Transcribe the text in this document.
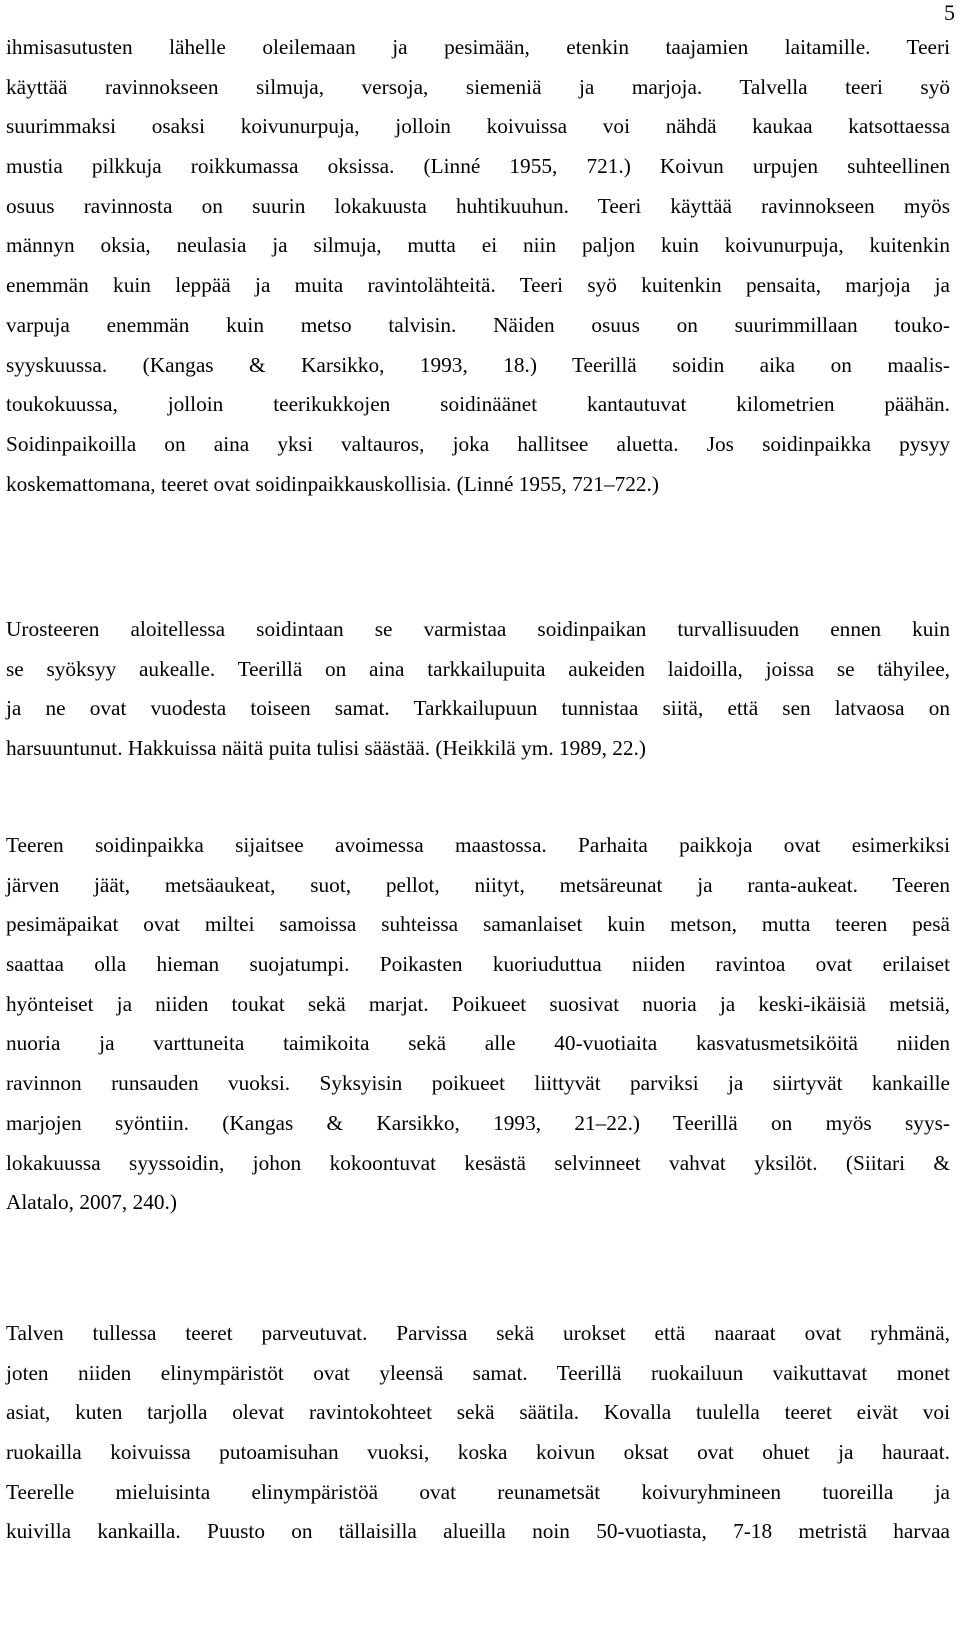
5
ihmisasutusten lähelle oleilemaan ja pesimään, etenkin taajamien laitamille. Teeri
käyttää ravinnokseen silmuja, versoja, siemeniä ja marjoja. Talvella teeri syö
suurimmaksi osaksi koivunurpuja, jolloin koivuissa voi nähdä kaukaa katsottaessa
mustia pilkkuja roikkumassa oksissa. (Linné 1955, 721.) Koivun urpujen suhteellinen
osuus ravinnosta on suurin lokakuusta huhtikuuhun. Teeri käyttää ravinnokseen myös
männyn oksia, neulasia ja silmuja, mutta ei niin paljon kuin koivunurpuja, kuitenkin
enemmän kuin leppää ja muita ravintolähteitä. Teeri syö kuitenkin pensaita, marjoja ja
varpuja enemmän kuin metso talvisin. Näiden osuus on suurimmillaan touko-
syyskuussa. (Kangas & Karsikko, 1993, 18.) Teerillä soidin aika on maalis-
toukokuussa, jolloin teerikukkojen soidinäänet kantautuvat kilometrien päähän.
Soidinpaikoilla on aina yksi valtauros, joka hallitsee aluetta. Jos soidinpaikka pysyy
koskemattomana, teeret ovat soidinpaikkauskollisia. (Linné 1955, 721–722.)
Urosteeren aloitellessa soidintaan se varmistaa soidinpaikan turvallisuuden ennen kuin
se syöksyy aukealle. Teerillä on aina tarkkailupuita aukeiden laidoilla, joissa se tähyilee,
ja ne ovat vuodesta toiseen samat. Tarkkailupuun tunnistaa siitä, että sen latvaosa on
harsuuntunut. Hakkuissa näitä puita tulisi säästää. (Heikkilä ym. 1989, 22.)
Teeren soidinpaikka sijaitsee avoimessa maastossa. Parhaita paikkoja ovat esimerkiksi
järven jäät, metsäaukeat, suot, pellot, niityt, metsäreunat ja ranta-aukeat. Teeren
pesimäpaikat ovat miltei samoissa suhteissa samanlaiset kuin metson, mutta teeren pesä
saattaa olla hieman suojatumpi. Poikasten kuoriuduttua niiden ravintoa ovat erilaiset
hyönteiset ja niiden toukat sekä marjat. Poikueet suosivat nuoria ja keski-ikäisiä metsiä,
nuoria ja varttuneita taimikoita sekä alle 40-vuotiaita kasvatusmetsiköitä niiden
ravinnon runsauden vuoksi. Syksyisin poikueet liittyvät parviksi ja siirtyvät kankaille
marjojen syöntiin. (Kangas & Karsikko, 1993, 21–22.) Teerillä on myös syys-
lokakuussa syyssoidin, johon kokoontuvat kesästä selvinneet vahvat yksilöt. (Siitari &
Alatalo, 2007, 240.)
Talven tullessa teeret parveutuvat. Parvissa sekä urokset että naaraat ovat ryhmänä,
joten niiden elinympäristöt ovat yleensä samat. Teerillä ruokailuun vaikuttavat monet
asiat, kuten tarjolla olevat ravintokohteet sekä säätila. Kovalla tuulella teeret eivät voi
ruokailla koivuissa putoamisuhan vuoksi, koska koivun oksat ovat ohuet ja hauraat.
Teerelle mieluisinta elinympäristöä ovat reunametsät koivuryhmineen tuoreilla ja
kuivilla kankailla. Puusto on tällaisilla alueilla noin 50-vuotiasta, 7-18 metristä harvaa
